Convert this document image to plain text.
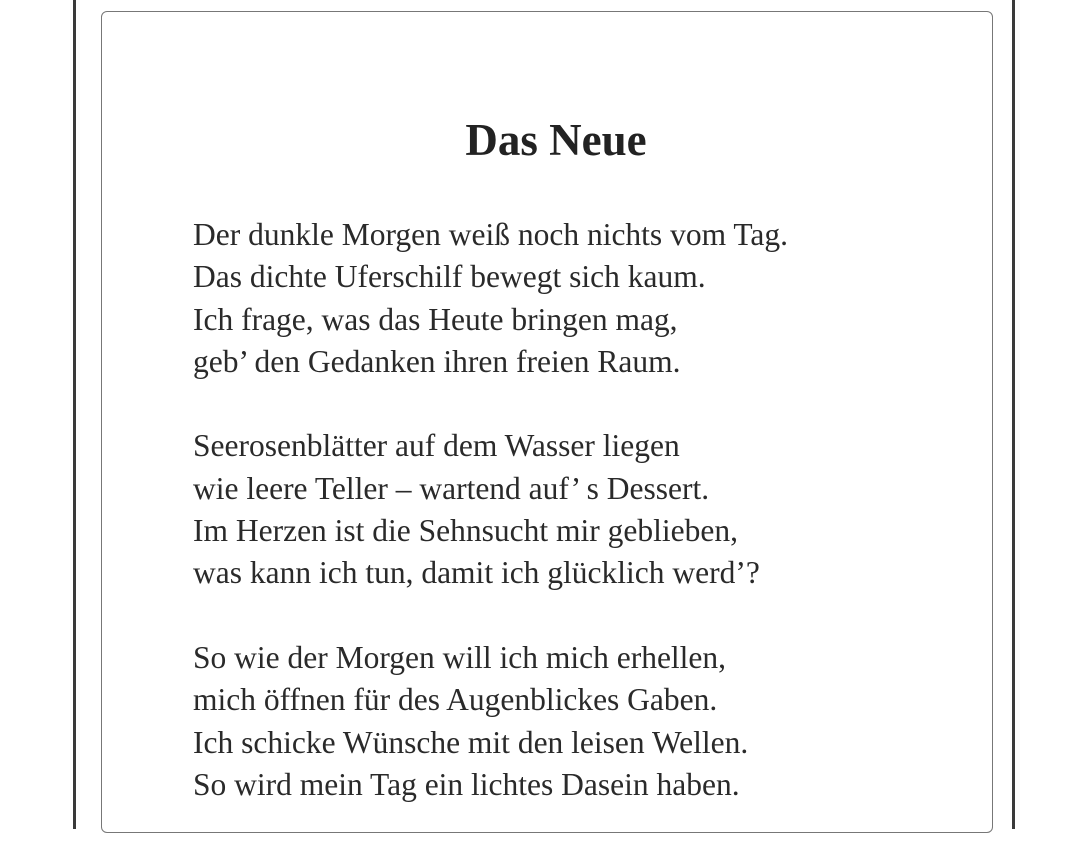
Das Neue
Der dunkle Morgen weiß noch nichts vom Tag.
Das dichte Uferschilf bewegt sich kaum.
Ich frage, was das Heute bringen mag,
geb’ den Gedanken ihren freien Raum.
Seerosenblätter auf dem Wasser liegen
wie leere Teller – wartend auf’ s Dessert.
Im Herzen ist die Sehnsucht mir geblieben,
was kann ich tun, damit ich glücklich werd’?
So wie der Morgen will ich mich erhellen,
mich öffnen für des Augenblickes Gaben.
Ich schicke Wünsche mit den leisen Wellen.
So wird mein Tag ein lichtes Dasein haben.
